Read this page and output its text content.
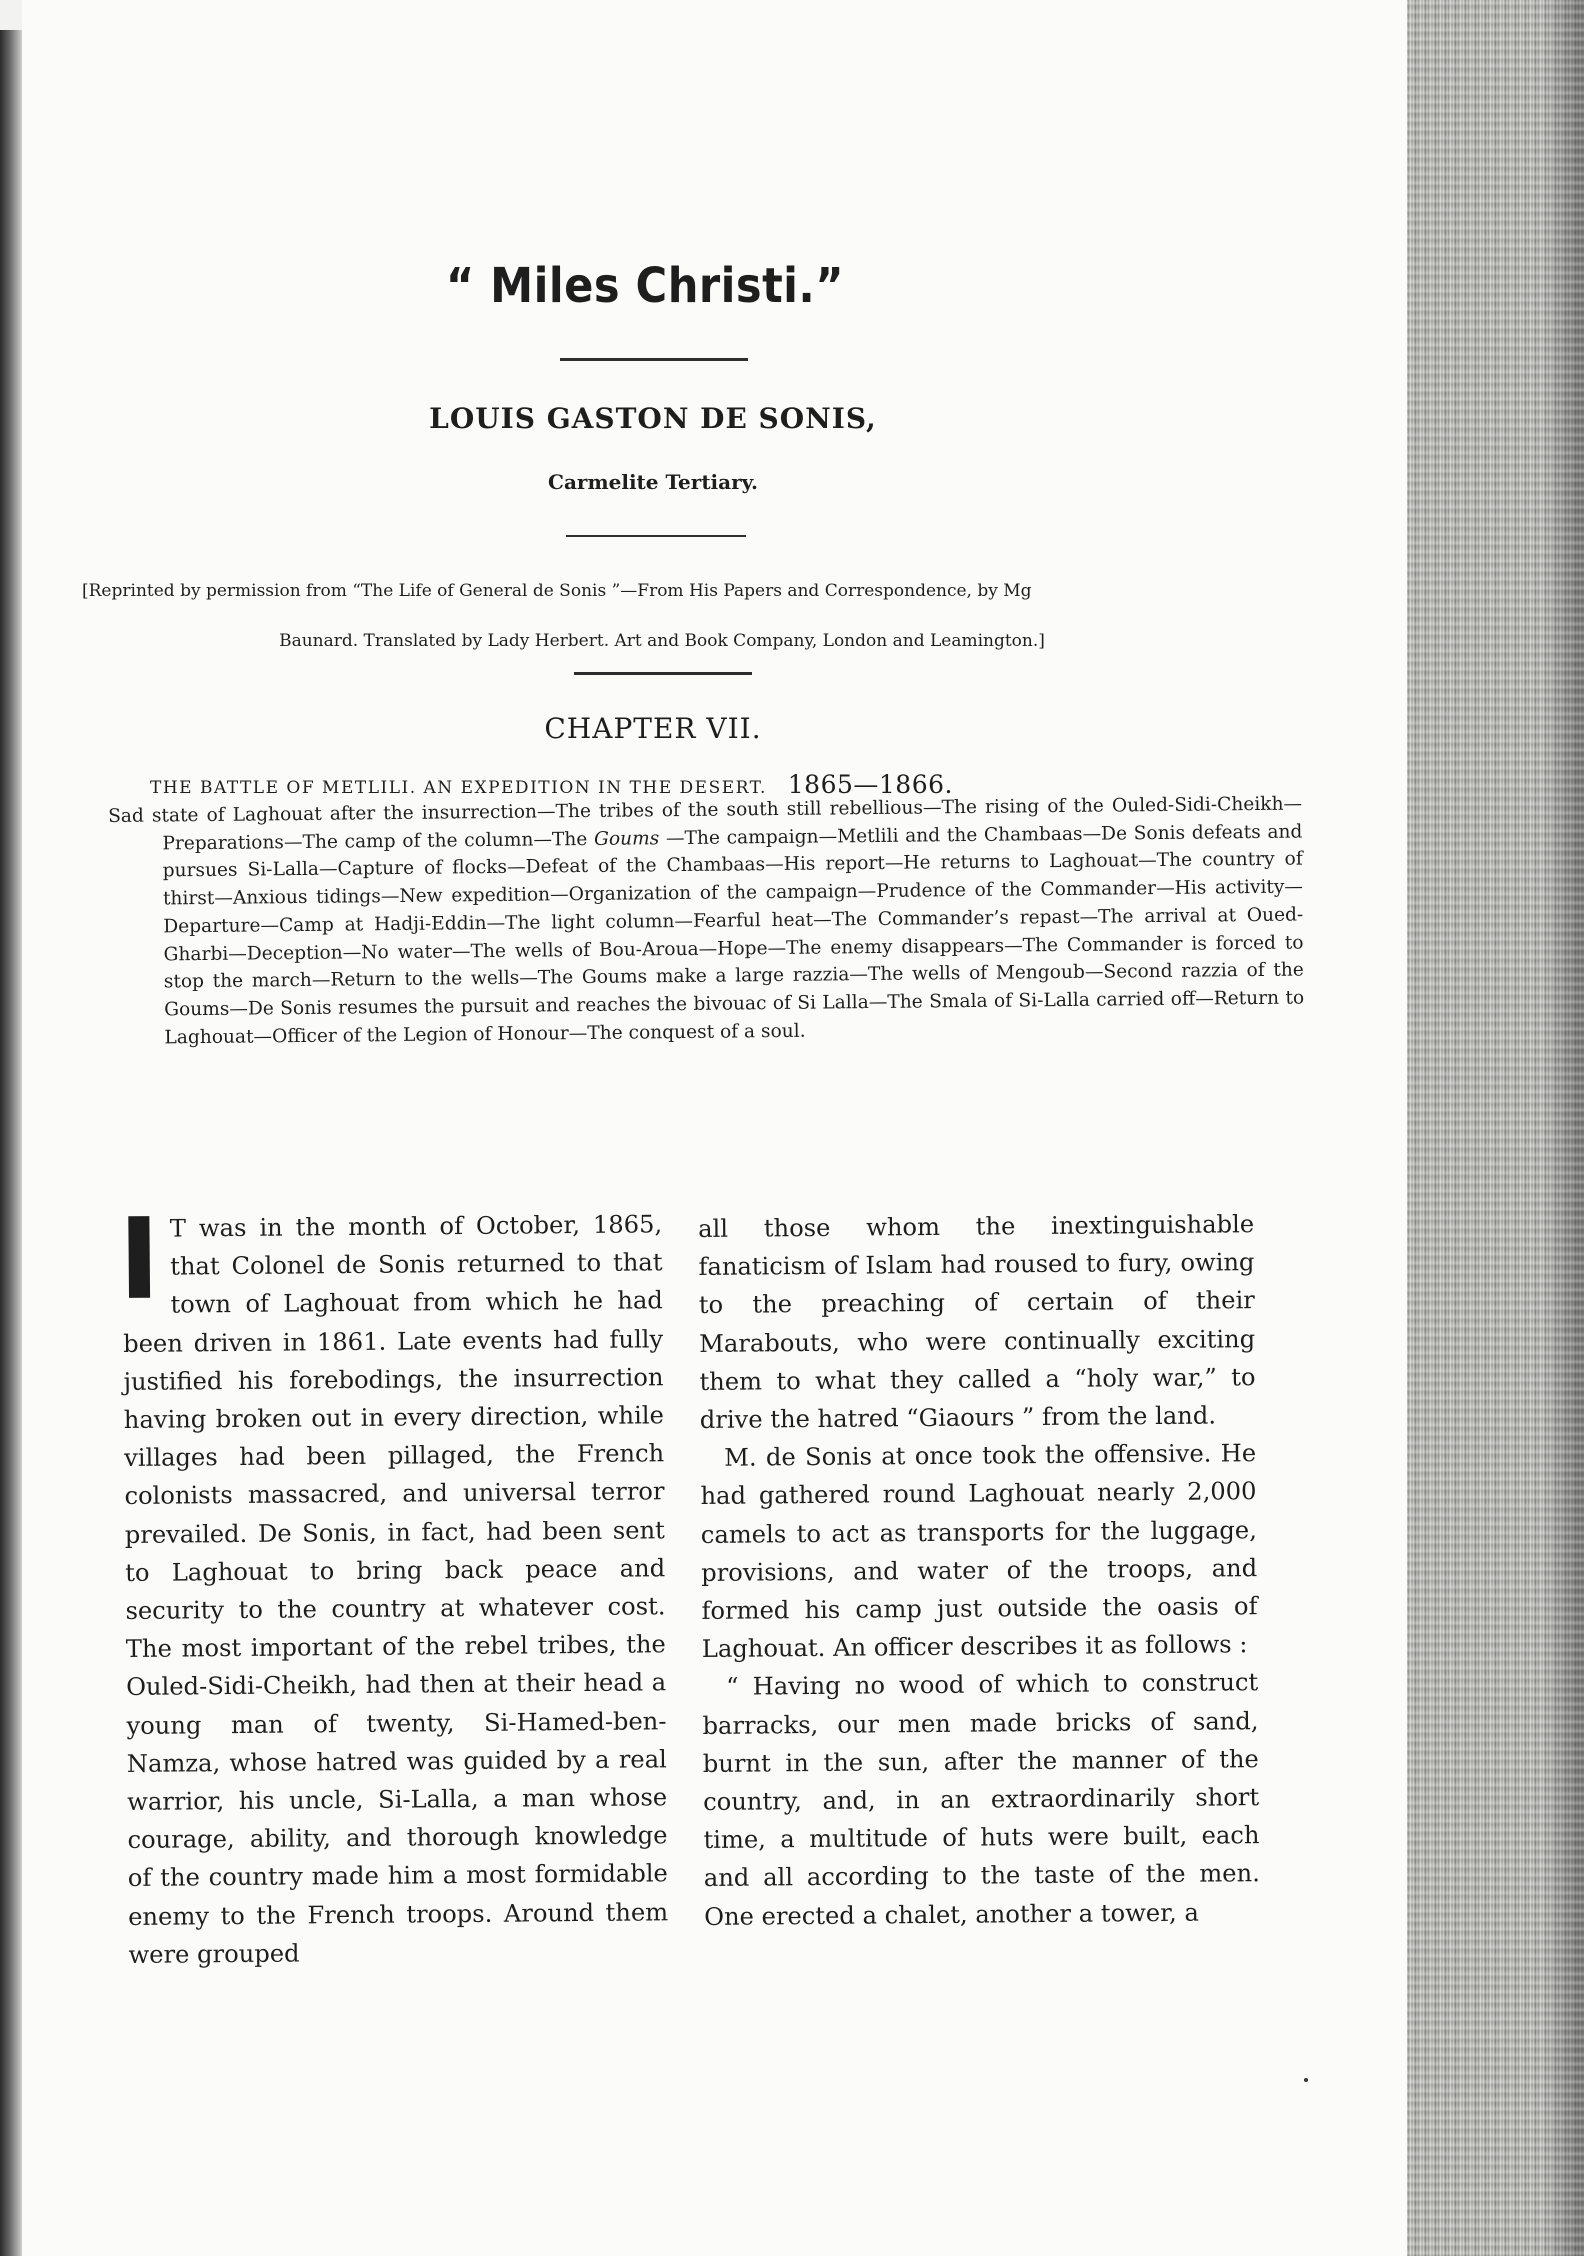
“ Miles Christi.”
LOUIS GASTON DE SONIS,
Carmelite Tertiary.
[Reprinted by permission from “The Life of General de Sonis ”—From His Papers and Correspondence, by Mg
Baunard. Translated by Lady Herbert. Art and Book Company, London and Leamington.]
CHAPTER VII.
THE BATTLE OF METLILI. AN EXPEDITION IN THE DESERT. 1865—1866.
Sad state of Laghouat after the insurrection—The tribes of the south still rebellious—The rising of the Ouled-Sidi-Cheikh—Preparations—The camp of the column—The Goums —The campaign—Metlili and the Chambaas—De Sonis defeats and pursues Si-Lalla—Capture of flocks—Defeat of the Chambaas—His report—He returns to Laghouat—The country of thirst—Anxious tidings—New expedition—Organization of the campaign—Prudence of the Commander—His activity—Departure—Camp at Hadji-Eddin—The light column—Fearful heat—The Commander’s repast—The arrival at Oued-Gharbi—Deception—No water—The wells of Bou-Aroua—Hope—The enemy disappears—The Commander is forced to stop the march—Return to the wells—The Goums make a large razzia—The wells of Mengoub—Second razzia of the Goums—De Sonis resumes the pursuit and reaches the bivouac of Si Lalla—The Smala of Si-Lalla carried off—Return to Laghouat—Officer of the Legion of Honour—The conquest of a soul.

I T was in the month of October, 1865, that Colonel de Sonis returned to that town of Laghouat from which he had been driven in 1861. Late events had fully justified his forebodings, the insurrection having broken out in every direction, while villages had been pillaged, the French colonists massacred, and universal terror prevailed. De Sonis, in fact, had been sent to Laghouat to bring back peace and security to the country at whatever cost. The most important of the rebel tribes, the Ouled-Sidi-Cheikh, had then at their head a young man of twenty, Si-Hamed-ben-Namza, whose hatred was guided by a real warrior, his uncle, Si-Lalla, a man whose courage, ability, and thorough knowledge of the country made him a most formidable enemy to the French troops. Around them were grouped

all those whom the inextinguishable fanaticism of Islam had roused to fury, owing to the preaching of certain of their Marabouts, who were continually exciting them to what they called a “holy war,” to drive the hatred “Giaours ” from the land.

M. de Sonis at once took the offensive. He had gathered round Laghouat nearly 2,000 camels to act as transports for the luggage, provisions, and water of the troops, and formed his camp just outside the oasis of Laghouat. An officer describes it as follows :

“ Having no wood of which to construct barracks, our men made bricks of sand, burnt in the sun, after the manner of the country, and, in an extraordinarily short time, a multitude of huts were built, each and all according to the taste of the men. One erected a chalet, another a tower, a
